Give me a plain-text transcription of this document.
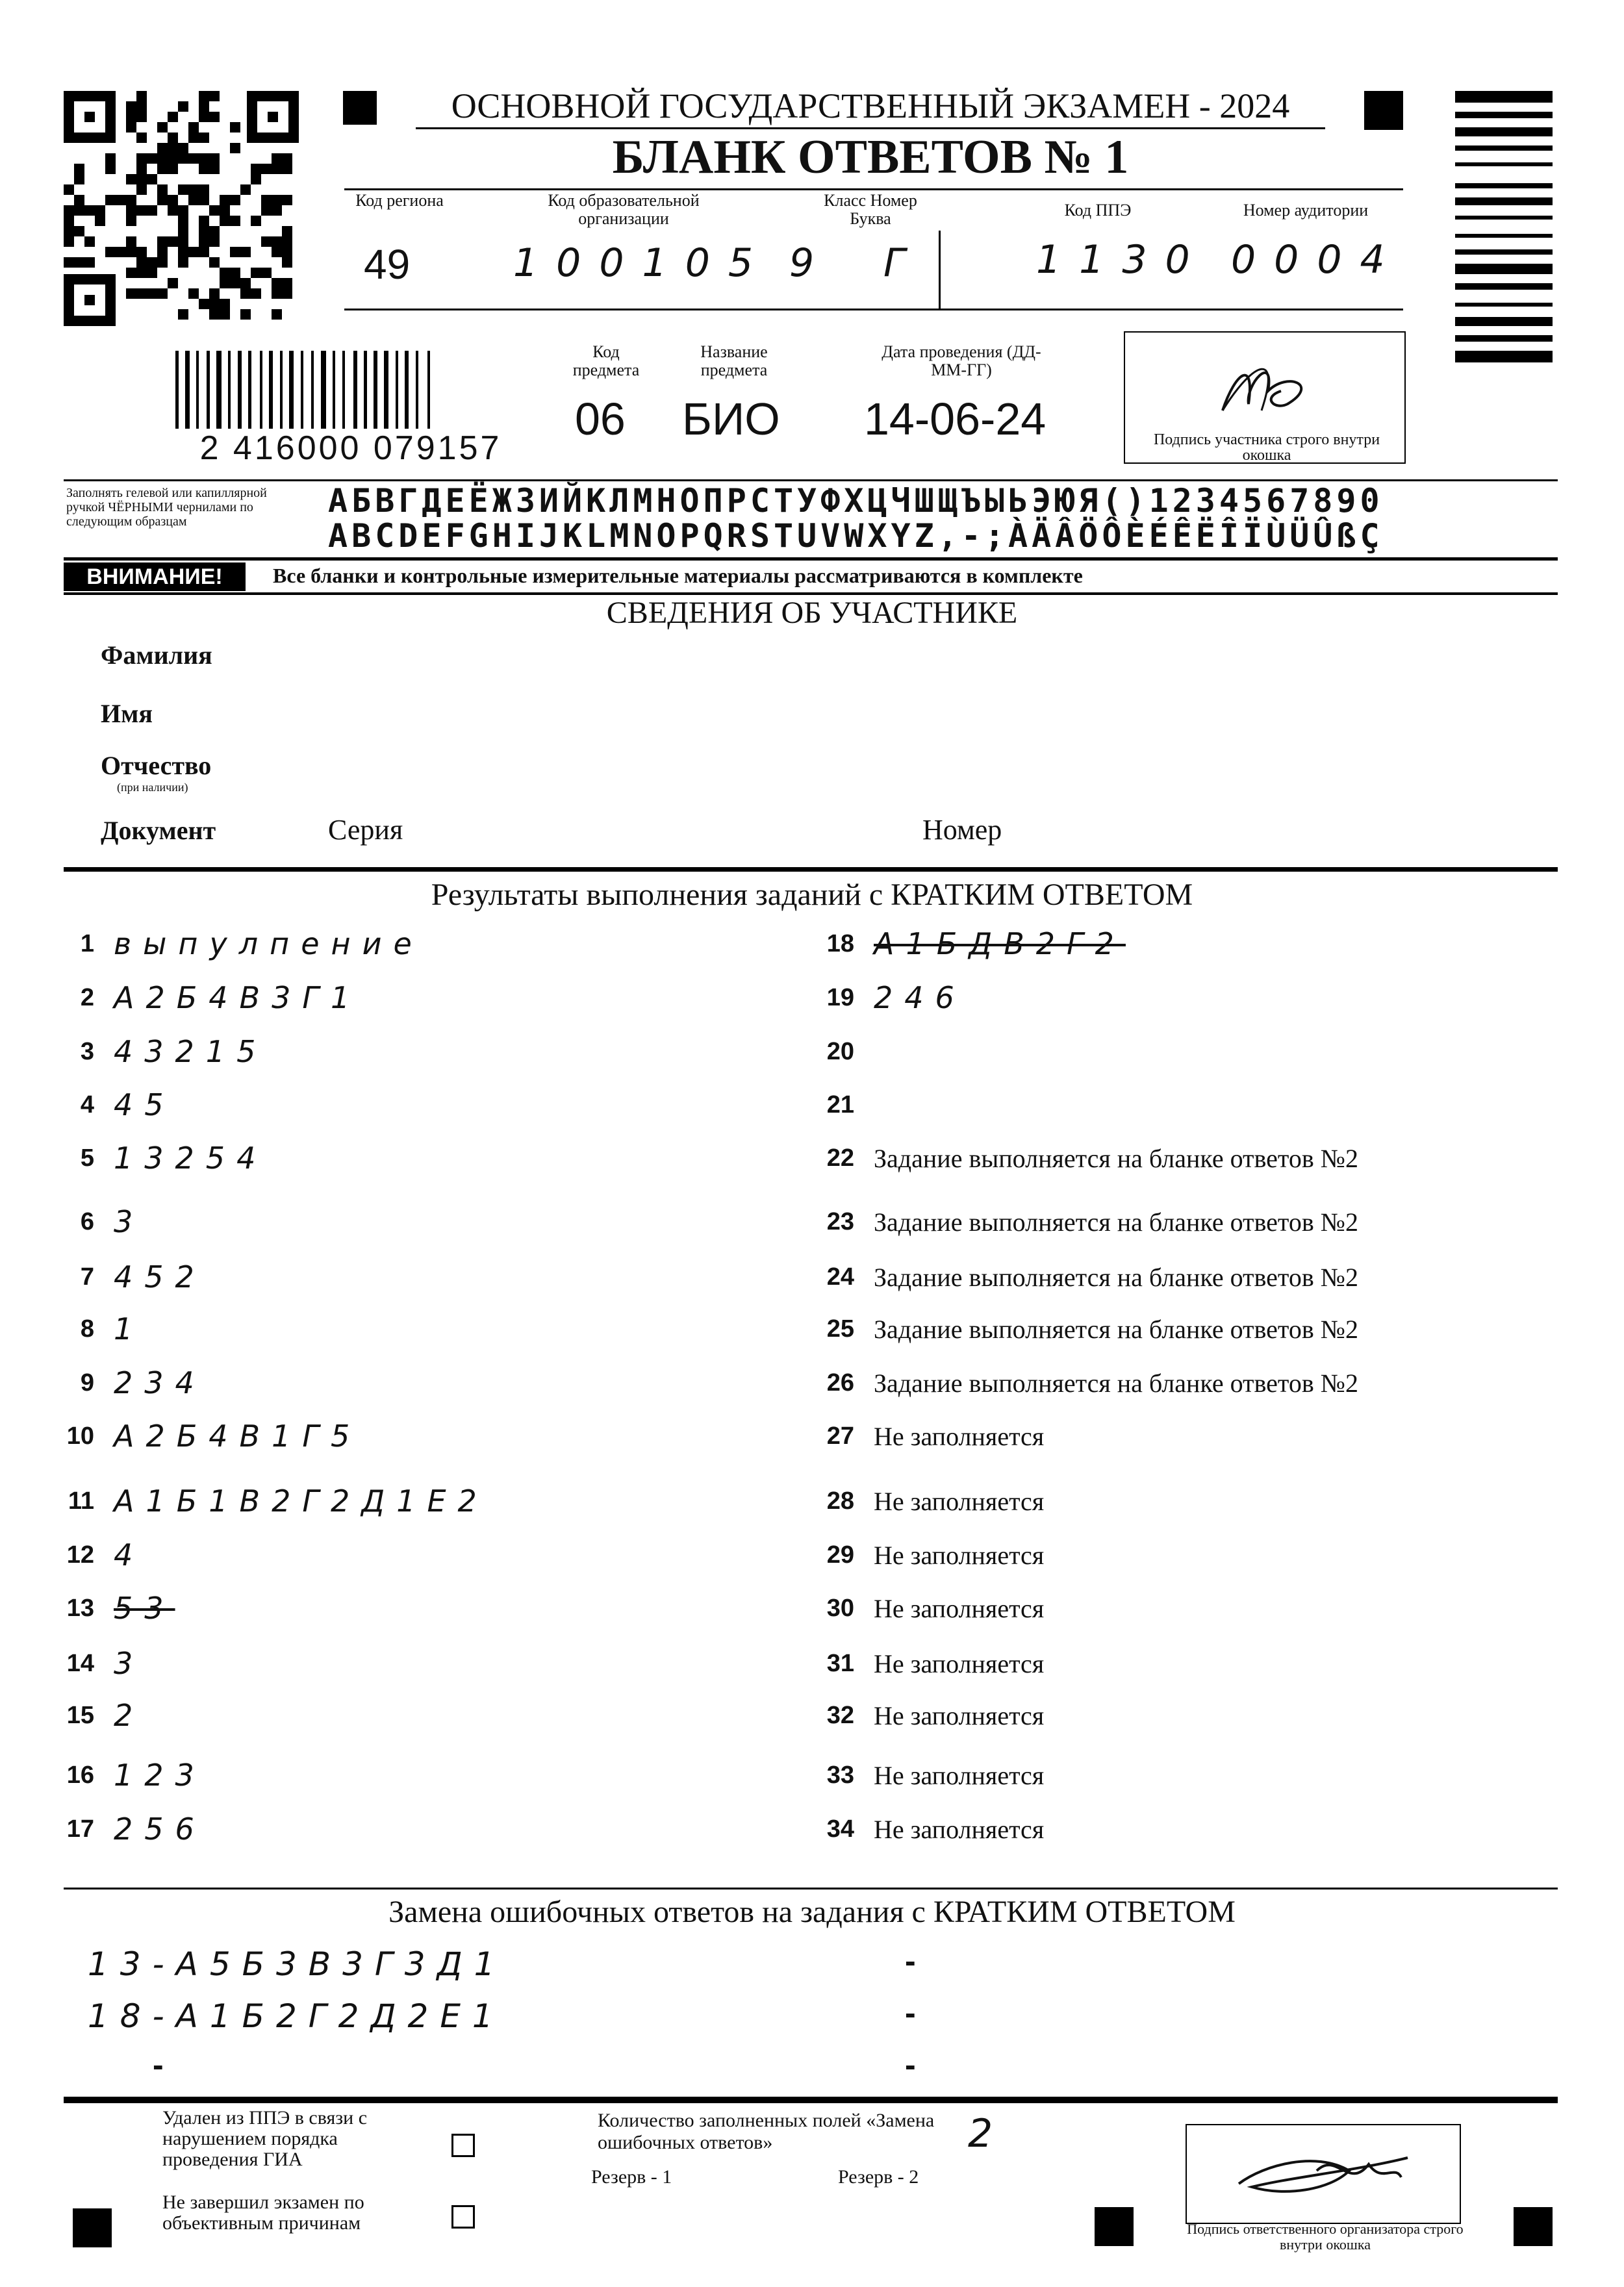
ОСНОВНОЙ ГОСУДАРСТВЕННЫЙ ЭКЗАМЕН - 2024
БЛАНК ОТВЕТОВ № 1
Код региона	Код образовательной организации
Класс Номер Буква	Код ППЭ	Номер аудитории
49	100105 9 Г	1130 0004
2 416000 079157
Код предмета
Название предмета
Дата проведения (ДД-ММ-ГГ)
06 БИО 14-06-24	Подпись участника строго внутри окошка
Заполнять гелевой или капиллярной ручкой ЧЁРНЫМИ чернилами по следующим образцам
АБВГДЕЁЖЗИЙКЛМНОПРСТУФХЦЧШЩЪЫЬЭЮЯ()1234567890
ABCDEFGHIJKLMNOPQRSTUVWXYZ,-;ÀÄÂÖÔÈÉÊËÎÏÙÜÛßÇ
ВНИМАНИЕ!	Все бланки и контрольные измерительные материалы рассматриваются в комплекте
СВЕДЕНИЯ ОБ УЧАСТНИКЕ
Фамилия
Имя
Отчество
(при наличии)
Документ	Серия	Номер
Результаты выполнения заданий с КРАТКИМ ОТВЕТОМ
1 выпулпение
2 А2Б4В3Г1
3 43215
4 45
5 13254
6 3
7 452
8 1
9 234
10 А2Б4В1Г5
11 А1Б1В2Г2Д1Е2
12 4
13 53
14 3
15 2
16 123
17 256
18 А1БДВ2Г2
19 246
20
21
22 Задание выполняется на бланке ответов №2
23 Задание выполняется на бланке ответов №2
24 Задание выполняется на бланке ответов №2
25 Задание выполняется на бланке ответов №2
26 Задание выполняется на бланке ответов №2
27 Не заполняется
28 Не заполняется
29 Не заполняется
30 Не заполняется
31 Не заполняется
32 Не заполняется
33 Не заполняется
34 Не заполняется
Замена ошибочных ответов на задания с КРАТКИМ ОТВЕТОМ
13-А5Б3В3Г3Д1
18-А1Б2Г2Д2Е1
-
-
-
-
Удален из ППЭ в связи с нарушением порядка проведения ГИА
Не завершил экзамен по объективным причинам
Количество заполненных полей «Замена ошибочных ответов»	2
Резерв - 1	Резерв - 2
Подпись ответственного организатора строго внутри окошка
